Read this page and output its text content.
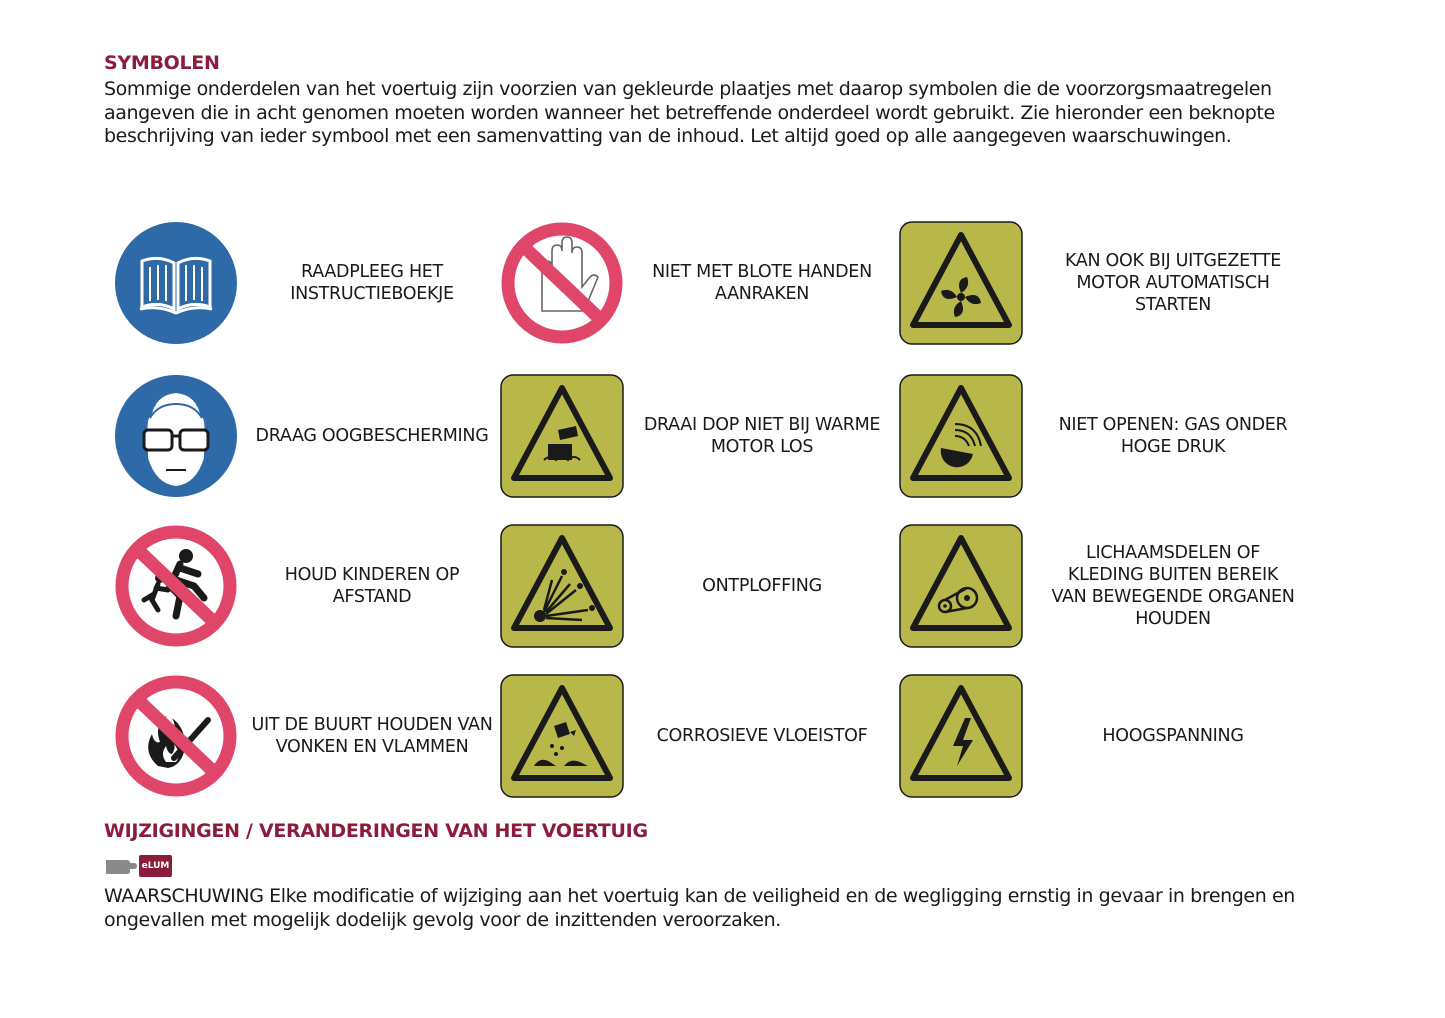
SYMBOLEN

Sommige onderdelen van het voertuig zijn voorzien van gekleurde plaatjes met daarop symbolen die de voorzorgsmaatregelen aangeven die in acht genomen moeten worden wanneer het betreffende onderdeel wordt gebruikt. Zie hieronder een beknopte beschrijving van ieder symbool met een samenvatting van de inhoud. Let altijd goed op alle aangegeven waarschuwingen.

RAADPLEEG HET INSTRUCTIEBOEKJE
NIET MET BLOTE HANDEN AANRAKEN
KAN OOK BIJ UITGEZETTE MOTOR AUTOMATISCH STARTEN
DRAAG OOGBESCHERMING
DRAAI DOP NIET BIJ WARME MOTOR LOS
NIET OPENEN: GAS ONDER HOGE DRUK
HOUD KINDEREN OP AFSTAND
ONTPLOFFING
LICHAAMSDELEN OF KLEDING BUITEN BEREIK VAN BEWEGENDE ORGANEN HOUDEN
UIT DE BUURT HOUDEN VAN VONKEN EN VLAMMEN
CORROSIEVE VLOEISTOF	HOOGSPANNING
WIJZIGINGEN / VERANDERINGEN VAN HET VOERTUIG
eLUM

WAARSCHUWING Elke modificatie of wijziging aan het voertuig kan de veiligheid en de wegligging ernstig in gevaar in brengen en ongevallen met mogelijk dodelijk gevolg voor de inzittenden veroorzaken.
